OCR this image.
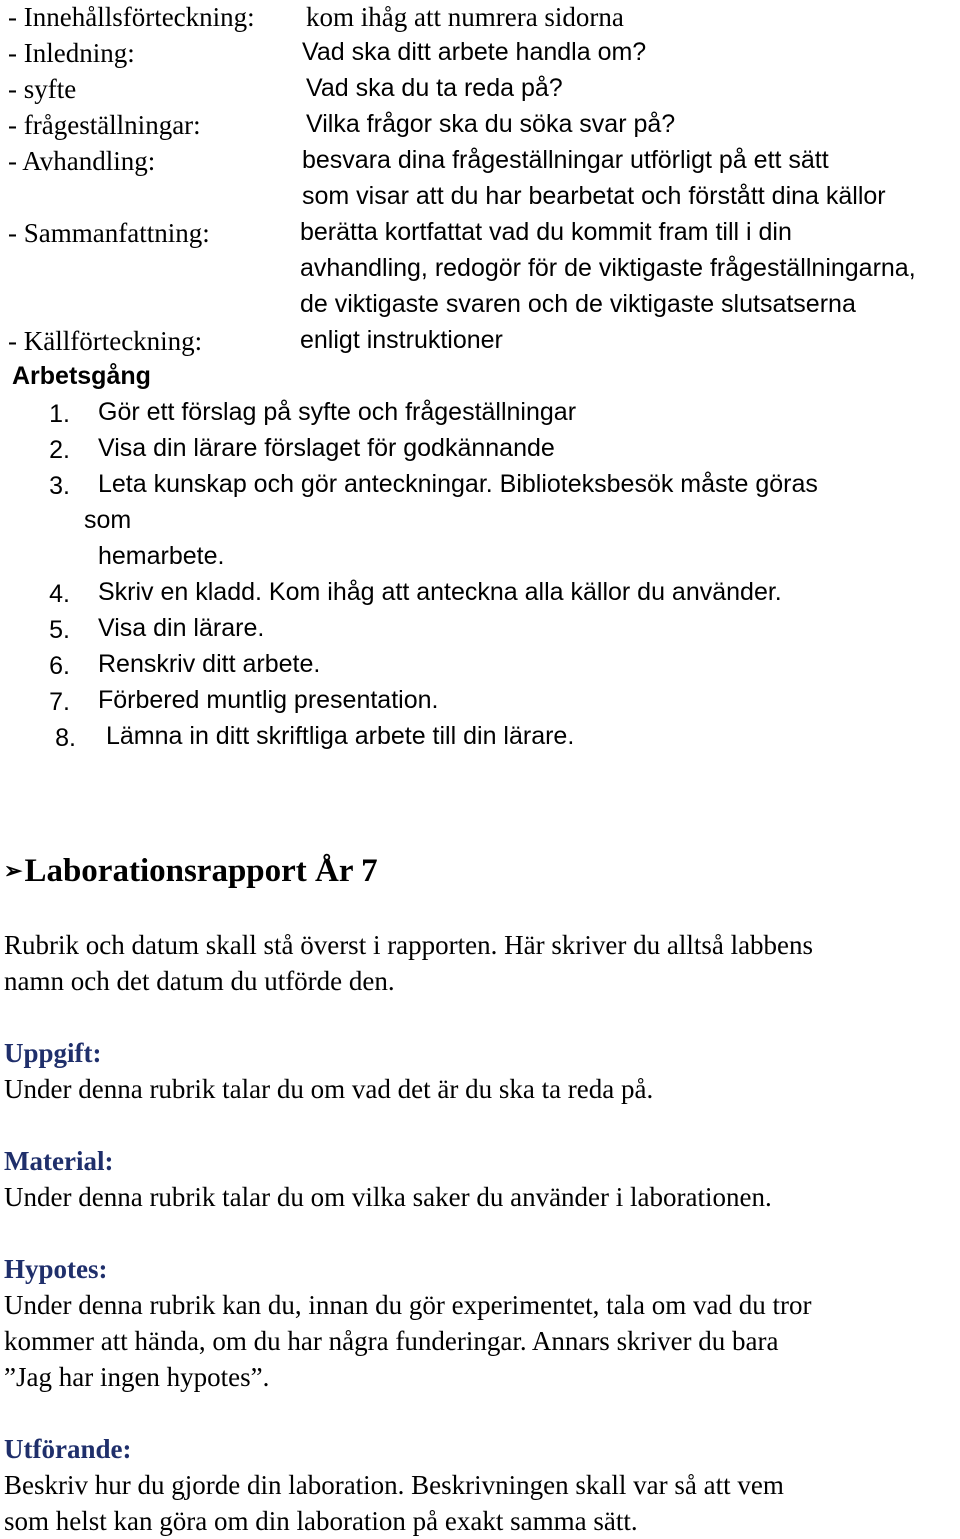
- Innehållsförteckning: kom ihåg att numrera sidorna
- Inledning:	Vad ska ditt arbete handla om?
- syfte	Vad ska du ta reda på?
- frågeställningar:	Vilka frågor ska du söka svar på?
- Avhandling:	besvara dina frågeställningar utförligt på ett sätt
som visar att du har bearbetat och förstått dina källor
- Sammanfattning:	berätta kortfattat vad du kommit fram till i din
avhandling, redogör för de viktigaste frågeställningarna,
de viktigaste svaren och de viktigaste slutsatserna
- Källförteckning:	enligt instruktioner
Arbetsgång
1. Gör ett förslag på syfte och frågeställningar
2. Visa din lärare förslaget för godkännande
3. Leta kunskap och gör anteckningar. Biblioteksbesök måste göras
som
hemarbete.
4. Skriv en kladd. Kom ihåg att anteckna alla källor du använder.
5. Visa din lärare.
6. Renskriv ditt arbete.
7. Förbered muntlig presentation.
8. Lämna in ditt skriftliga arbete till din lärare.
➢Laborationsrapport År 7
Rubrik och datum skall stå överst i rapporten. Här skriver du alltså labbens
namn och det datum du utförde den.
Uppgift:
Under denna rubrik talar du om vad det är du ska ta reda på.
Material:
Under denna rubrik talar du om vilka saker du använder i laborationen.
Hypotes:
Under denna rubrik kan du, innan du gör experimentet, tala om vad du tror
kommer att hända, om du har några funderingar. Annars skriver du bara
”Jag har ingen hypotes”.
Utförande:
Beskriv hur du gjorde din laboration. Beskrivningen skall var så att vem
som helst kan göra om din laboration på exakt samma sätt.
